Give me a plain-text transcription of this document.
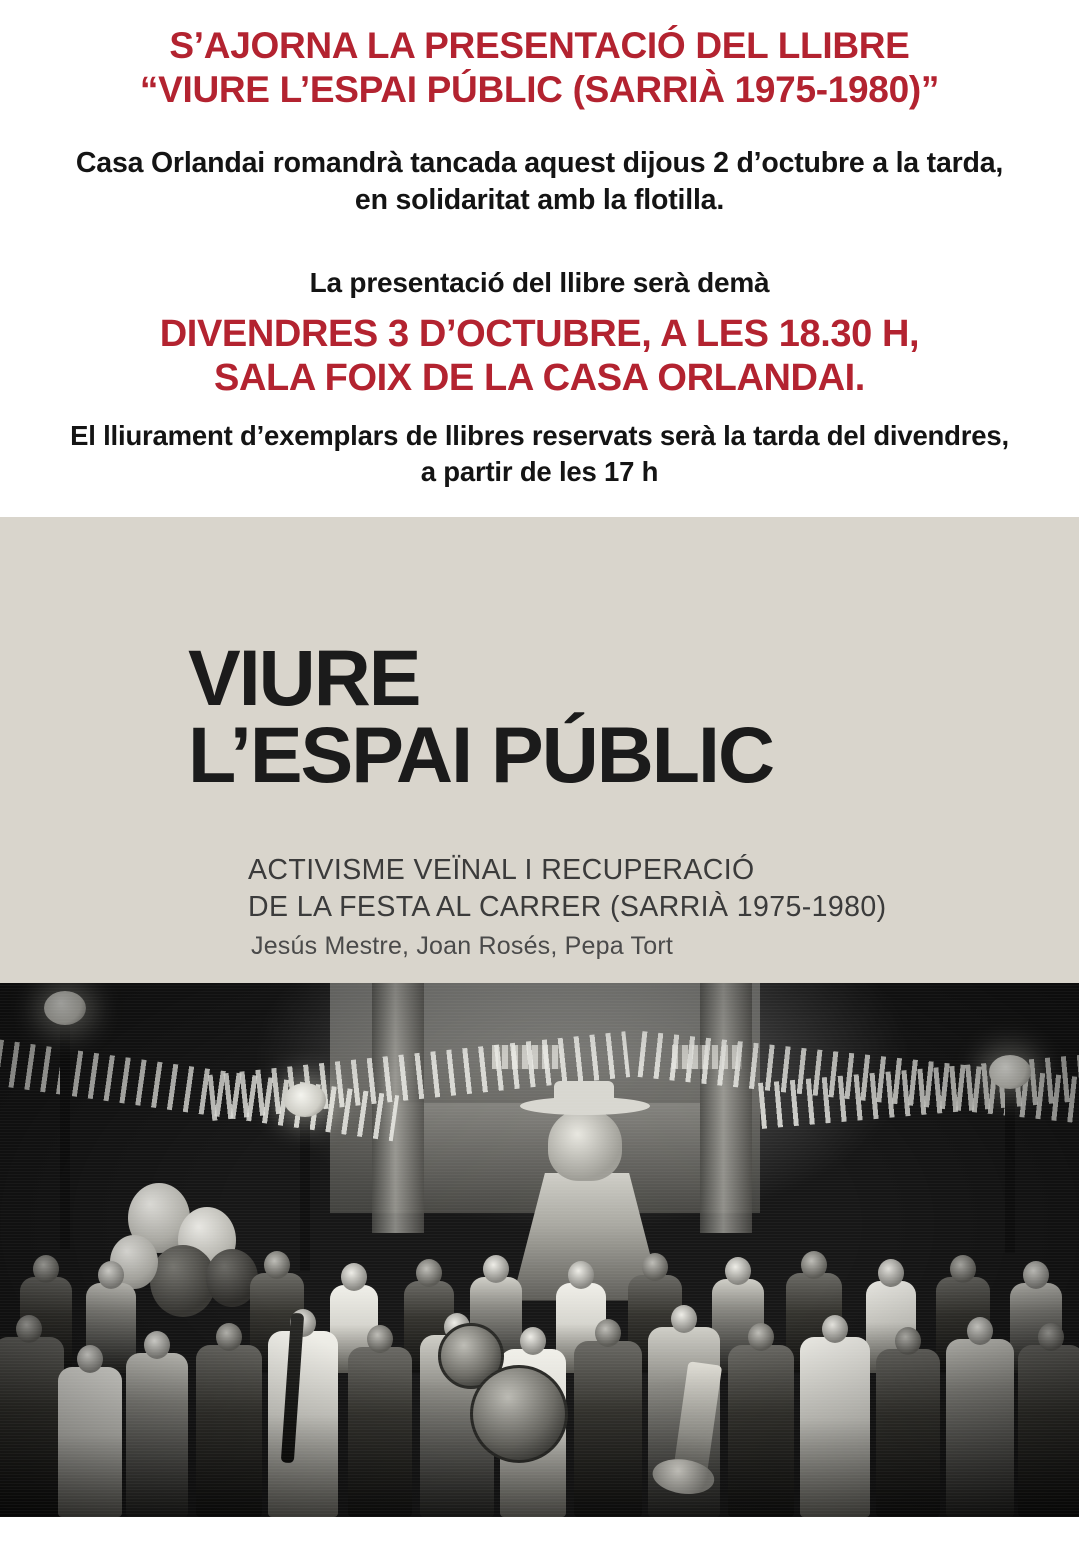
S’AJORNA LA PRESENTACIÓ DEL LLIBRE
“VIURE L’ESPAI PÚBLIC (SARRIÀ 1975-1980)”

Casa Orlandai romandrà tancada aquest dijous 2 d’octubre a la tarda, en solidaritat amb la flotilla.

La presentació del llibre serà demà

DIVENDRES 3 D’OCTUBRE, A LES 18.30 H,
SALA FOIX DE LA CASA ORLANDAI.

El lliurament d’exemplars de llibres reservats serà la tarda del divendres, a partir de les 17 h

VIURE
L’ESPAI PÚBLIC
ACTIVISME VEÏNAL I RECUPERACIÓ
DE LA FESTA AL CARRER (SARRIÀ 1975-1980)
Jesús Mestre, Joan Rosés, Pepa Tort
